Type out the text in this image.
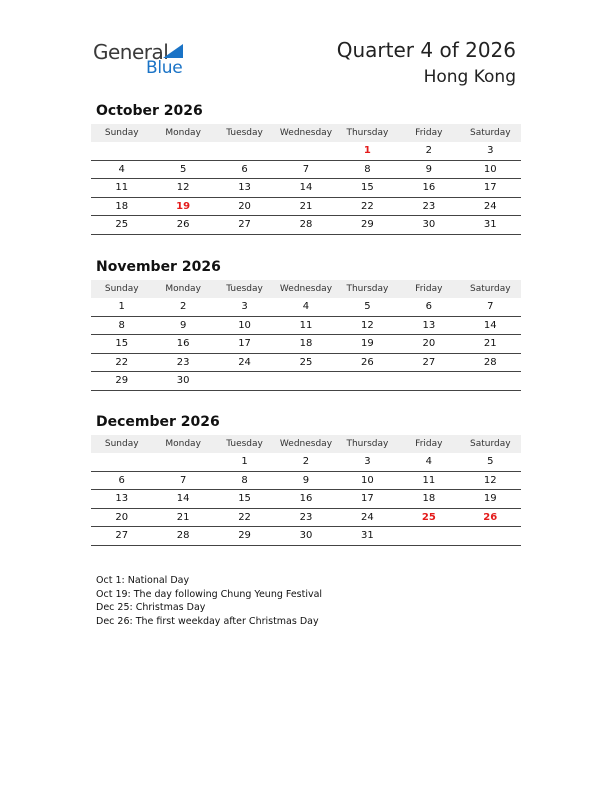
General
Blue
Quarter 4 of 2026
Hong Kong
October 2026
Sunday	Monday	Tuesday	Wednesday	Thursday	Friday	Saturday
				1	2	3
4	5	6	7	8	9	10
11	12	13	14	15	16	17
18	19	20	21	22	23	24
25	26	27	28	29	30	31
November 2026
Sunday	Monday	Tuesday	Wednesday	Thursday	Friday	Saturday
1	2	3	4	5	6	7
8	9	10	11	12	13	14
15	16	17	18	19	20	21
22	23	24	25	26	27	28
29	30					
December 2026
Sunday	Monday	Tuesday	Wednesday	Thursday	Friday	Saturday
		1	2	3	4	5
6	7	8	9	10	11	12
13	14	15	16	17	18	19
20	21	22	23	24	25	26
27	28	29	30	31		
Oct 1: National Day
Oct 19: The day following Chung Yeung Festival
Dec 25: Christmas Day
Dec 26: The first weekday after Christmas Day
